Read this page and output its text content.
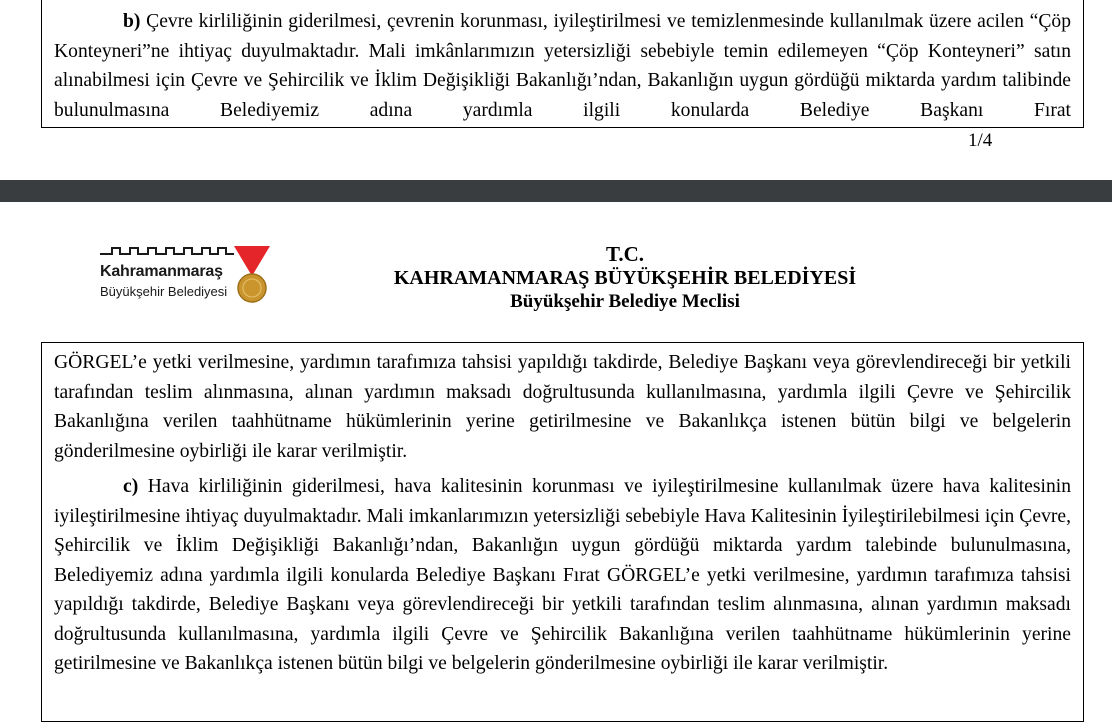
b) Çevre kirliliğinin giderilmesi, çevrenin korunması, iyileştirilmesi ve temizlenmesinde kullanılmak üzere acilen “Çöp Konteyneri”ne ihtiyaç duyulmaktadır. Mali imkânlarımızın yetersizliği sebebiyle temin edilemeyen “Çöp Konteyneri” satın alınabilmesi için Çevre ve Şehircilik ve İklim Değişikliği Bakanlığı’ndan, Bakanlığın uygun gördüğü miktarda yardım talibinde bulunulmasına Belediyemiz adına yardımla ilgili konularda Belediye Başkanı Fırat

1/4
Kahramanmaraş
Büyükşehir Belediyesi
T.C.
KAHRAMANMARAŞ BÜYÜKŞEHİR BELEDİYESİ
Büyükşehir Belediye Meclisi

GÖRGEL’e yetki verilmesine, yardımın tarafımıza tahsisi yapıldığı takdirde, Belediye Başkanı veya görevlendireceği bir yetkili tarafından teslim alınmasına, alınan yardımın maksadı doğrultusunda kullanılmasına, yardımla ilgili Çevre ve Şehircilik Bakanlığına verilen taahhütname hükümlerinin yerine getirilmesine ve Bakanlıkça istenen bütün bilgi ve belgelerin gönderilmesine oybirliği ile karar verilmiştir.

c) Hava kirliliğinin giderilmesi, hava kalitesinin korunması ve iyileştirilmesine kullanılmak üzere hava kalitesinin iyileştirilmesine ihtiyaç duyulmaktadır. Mali imkanlarımızın yetersizliği sebebiyle Hava Kalitesinin İyileştirilebilmesi için Çevre, Şehircilik ve İklim Değişikliği Bakanlığı’ndan, Bakanlığın uygun gördüğü miktarda yardım talebinde bulunulmasına, Belediyemiz adına yardımla ilgili konularda Belediye Başkanı Fırat GÖRGEL’e yetki verilmesine, yardımın tarafımıza tahsisi yapıldığı takdirde, Belediye Başkanı veya görevlendireceği bir yetkili tarafından teslim alınmasına, alınan yardımın maksadı doğrultusunda kullanılmasına, yardımla ilgili Çevre ve Şehircilik Bakanlığına verilen taahhütname hükümlerinin yerine getirilmesine ve Bakanlıkça istenen bütün bilgi ve belgelerin gönderilmesine oybirliği ile karar verilmiştir.
